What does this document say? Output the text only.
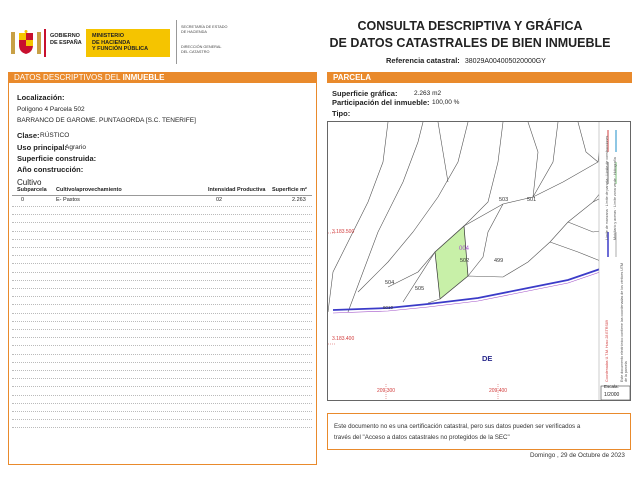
GOBIERNO
DE ESPAÑA
MINISTERIO
DE HACIENDA
Y FUNCIÓN PÚBLICA
SECRETARÍA DE ESTADO
DE HACIENDA
DIRECCIÓN GENERAL
DEL CATASTRO
CONSULTA DESCRIPTIVA Y GRÁFICA
DE DATOS CATASTRALES DE BIEN INMUEBLE
Referencia catastral: 38029A004005020000GY
DATOS DESCRIPTIVOS DEL INMUEBLE
Localización:
Polígono 4 Parcela 502
BARRANCO DE GAROME. PUNTAGORDA [S.C. TENERIFE]
Clase: RÚSTICO
Uso principal:
Agrario
Superficie construida:
Año construcción:
Cultivo
Subparcela Cultivo/aprovechamiento	Intensidad Productiva Superficie m²
0	E- Pastos	02	2.263
PARCELA
Superficie gráfica:	2.263 m2
Participación del inmueble: 100,00 %
Tipo:
503	501
004
502	499
504
505
9010
3.183.500
3.183.400
209.300	209.400
DE
Límite de manzana · Límite de parcela · Límite de construcciones
Mobiliario y aceras · Límite zona verde · Hidrografía
Coordenadas U.T.M. Huso 28 ETRS89	Este documento electrónico contiene las coordenadas de los vértices UTM de la parcela
Escala:
1/2000
Este documento no es una certificación catastral, pero sus datos pueden ser verificados a
través del "Acceso a datos catastrales no protegidos de la SEC"
Domingo , 29 de Octubre de 2023
